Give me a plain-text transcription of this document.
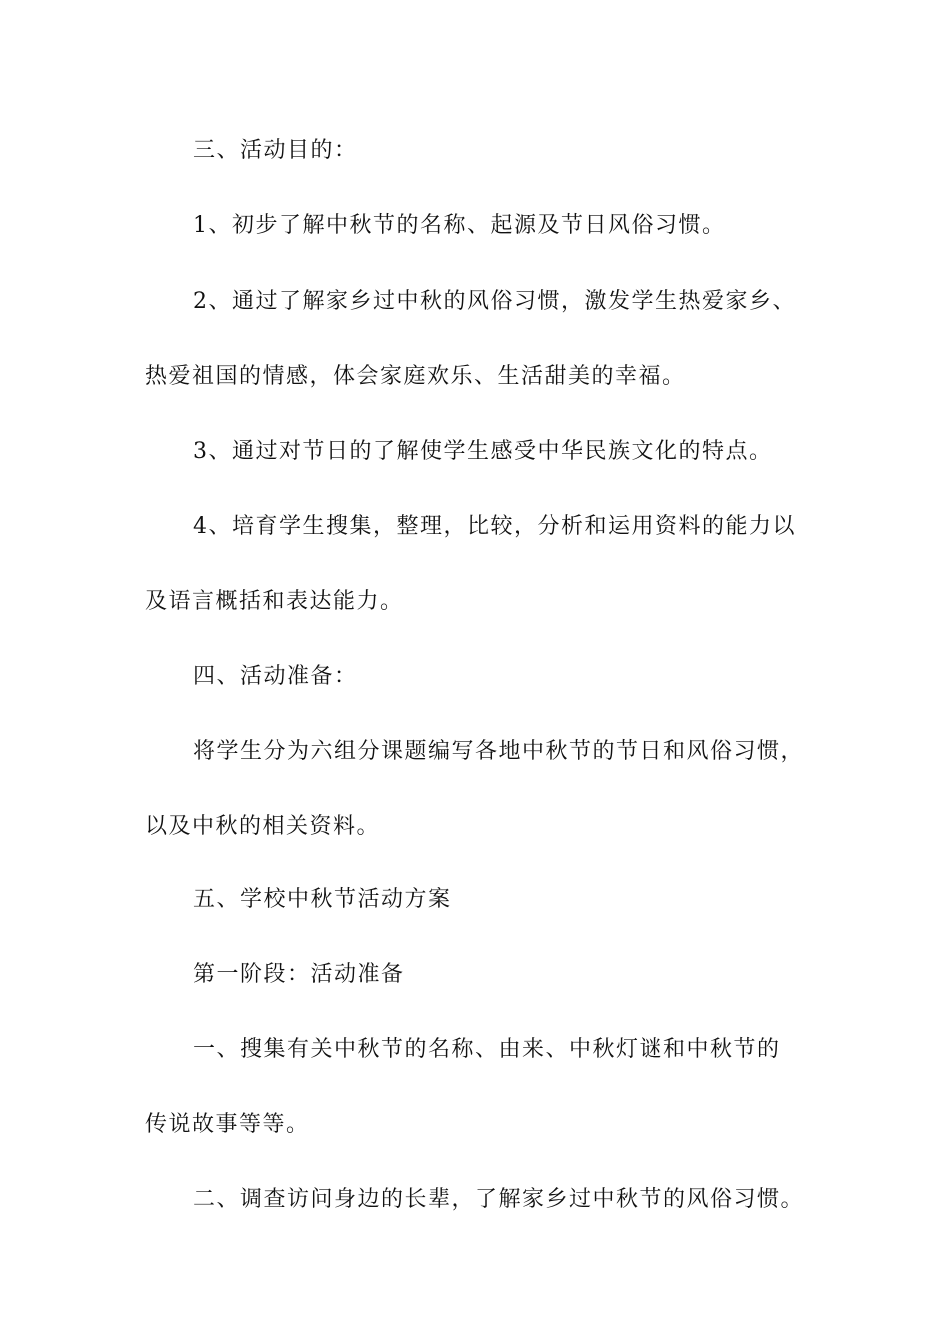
三、活动目的：
1、初步了解中秋节的名称、起源及节日风俗习惯。
2、通过了解家乡过中秋的风俗习惯，激发学生热爱家乡、
热爱祖国的情感，体会家庭欢乐、生活甜美的幸福。
3、通过对节日的了解使学生感受中华民族文化的特点。
4、培育学生搜集，整理，比较，分析和运用资料的能力以
及语言概括和表达能力。
四、活动准备：
将学生分为六组分课题编写各地中秋节的节日和风俗习惯，
以及中秋的相关资料。
五、学校中秋节活动方案
第一阶段：活动准备
一、搜集有关中秋节的名称、由来、中秋灯谜和中秋节的
传说故事等等。
二、调查访问身边的长辈，了解家乡过中秋节的风俗习惯。
